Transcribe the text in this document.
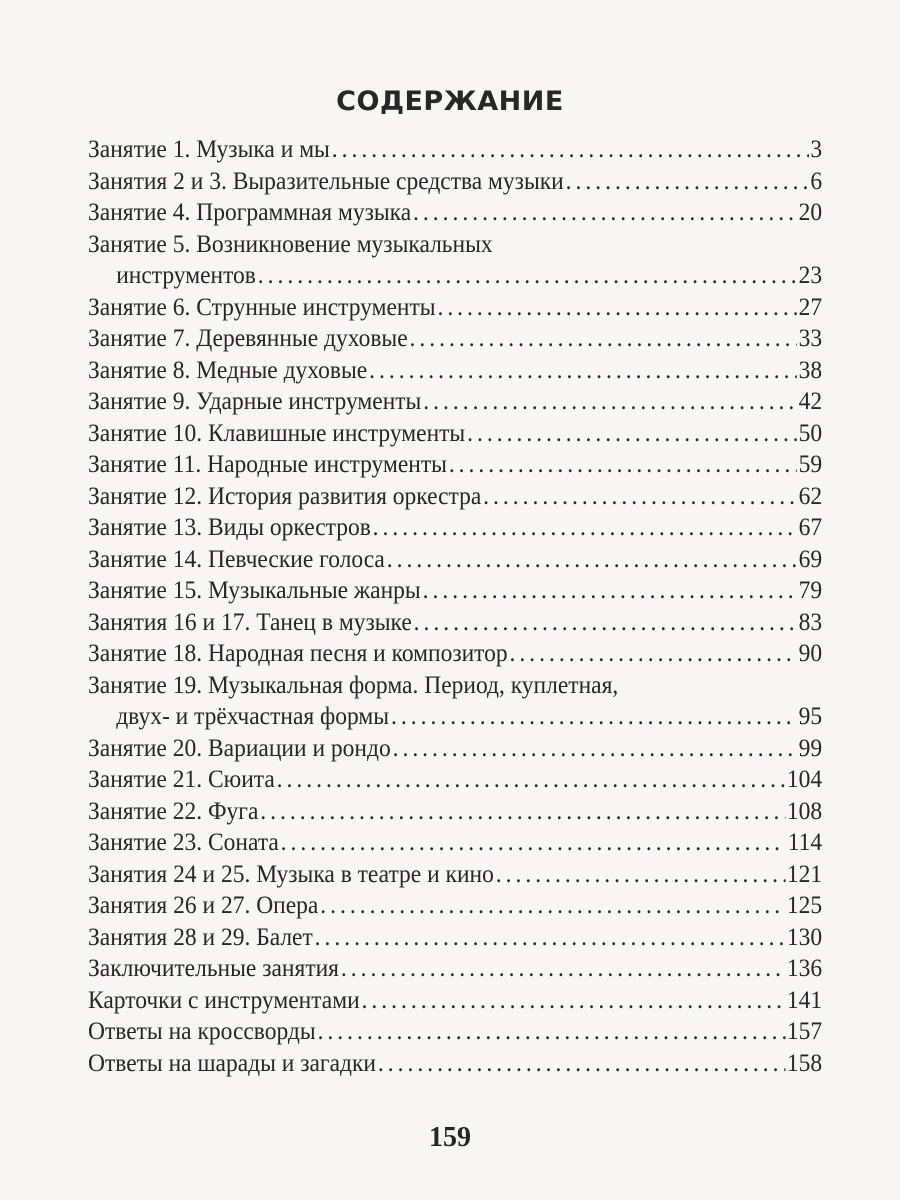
СОДЕРЖАНИЕ
Занятие 1. Музыка и мы . . .	3
Занятия 2 и 3. Выразительные средства музыки . . .	6
Занятие 4. Программная музыка . . .	20
Занятие 5. Возникновение музыкальных
инструментов . . .	23
Занятие 6. Струнные инструменты . . .	27
Занятие 7. Деревянные духовые . . .	33
Занятие 8. Медные духовые . . .	38
Занятие 9. Ударные инструменты . . .	42
Занятие 10. Клавишные инструменты . . .	50
Занятие 11. Народные инструменты . . .	59
Занятие 12. История развития оркестра . . .	62
Занятие 13. Виды оркестров . . .	67
Занятие 14. Певческие голоса . . .	69
Занятие 15. Музыкальные жанры . . .	79
Занятия 16 и 17. Танец в музыке . . .	83
Занятие 18. Народная песня и композитор . . .	90
Занятие 19. Музыкальная форма. Период, куплетная,
двух- и трёхчастная формы . . .	95
Занятие 20. Вариации и рондо . . .	99
Занятие 21. Сюита . . .	104
Занятие 22. Фуга . . .	108
Занятие 23. Соната . . .	114
Занятия 24 и 25. Музыка в театре и кино . . .	121
Занятия 26 и 27. Опера . . .	125
Занятия 28 и 29. Балет . . .	130
Заключительные занятия . . .	136
Карточки с инструментами . . .	141
Ответы на кроссворды . . .	157
Ответы на шарады и загадки . . .	158
159
